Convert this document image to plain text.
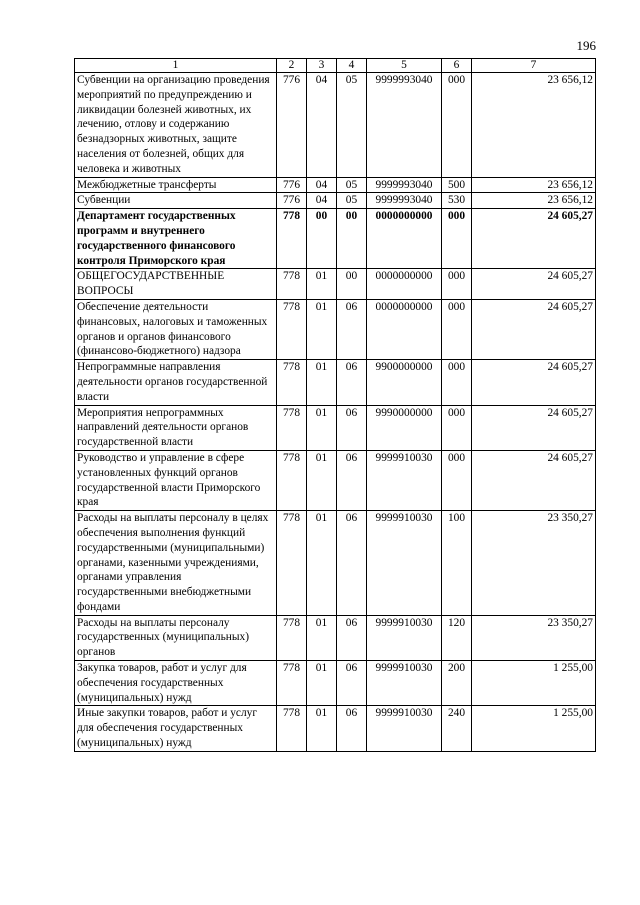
196
1	2	3	4	5	6	7
Субвенции на организацию проведения мероприятий по предупреждению и ликвидации болезней животных, их лечению, отлову и содержанию безнадзорных животных, защите населения от болезней, общих для человека и животных	776	04	05	9999993040	000	23 656,12
Межбюджетные трансферты	776	04	05	9999993040	500	23 656,12
Субвенции	776	04	05	9999993040	530	23 656,12
Департамент государственных программ и внутреннего государственного финансового контроля Приморского края	778	00	00	0000000000	000	24 605,27
ОБЩЕГОСУДАРСТВЕННЫЕ ВОПРОСЫ	778	01	00	0000000000	000	24 605,27
Обеспечение деятельности финансовых, налоговых и таможенных органов и органов финансового (финансово-бюджетного) надзора	778	01	06	0000000000	000	24 605,27
Непрограммные направления деятельности органов государственной власти	778	01	06	9900000000	000	24 605,27
Мероприятия непрограммных направлений деятельности органов государственной власти	778	01	06	9990000000	000	24 605,27
Руководство и управление в сфере установленных функций органов государственной власти Приморского края	778	01	06	9999910030	000	24 605,27
Расходы на выплаты персоналу в целях обеспечения выполнения функций государственными (муниципальными) органами, казенными учреждениями, органами управления государственными внебюджетными фондами	778	01	06	9999910030	100	23 350,27
Расходы на выплаты персоналу государственных (муниципальных) органов	778	01	06	9999910030	120	23 350,27
Закупка товаров, работ и услуг для обеспечения государственных (муниципальных) нужд	778	01	06	9999910030	200	1 255,00
Иные закупки товаров, работ и услуг для обеспечения государственных (муниципальных) нужд	778	01	06	9999910030	240	1 255,00
